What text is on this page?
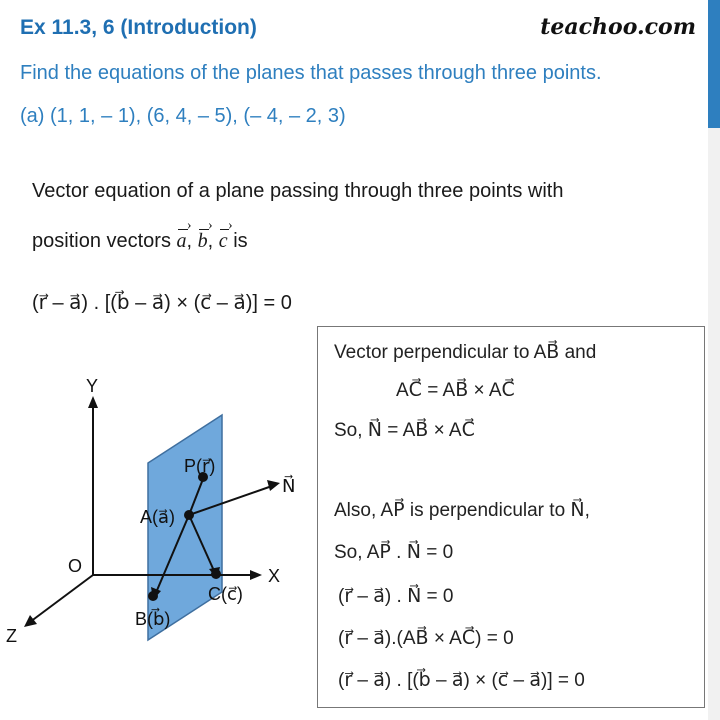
Ex 11.3, 6 (Introduction)	teachoo.com
Find the equations of the planes that passes through three points.
(a) (1, 1, – 1), (6, 4, – 5), (– 4, – 2, 3)
Vector equation of a plane passing through three points with
position vectors › a, › b, › c is
(r⃗ – a⃗) . [(b⃗ – a⃗) × (c⃗ – a⃗)] = 0
Y
X
Z
O
P(r⃗)
A(a⃗)
B(b⃗)
C(c⃗)
N⃗
Vector perpendicular to AB⃗ and
AC⃗ = AB⃗ × AC⃗
So, N⃗ = AB⃗ × AC⃗
Also, AP⃗ is perpendicular to N⃗,
So, AP⃗ . N⃗ = 0
(r⃗ – a⃗) . N⃗ = 0
(r⃗ – a⃗).(AB⃗ × AC⃗) = 0
(r⃗ – a⃗) . [(b⃗ – a⃗) × (c⃗ – a⃗)] = 0
